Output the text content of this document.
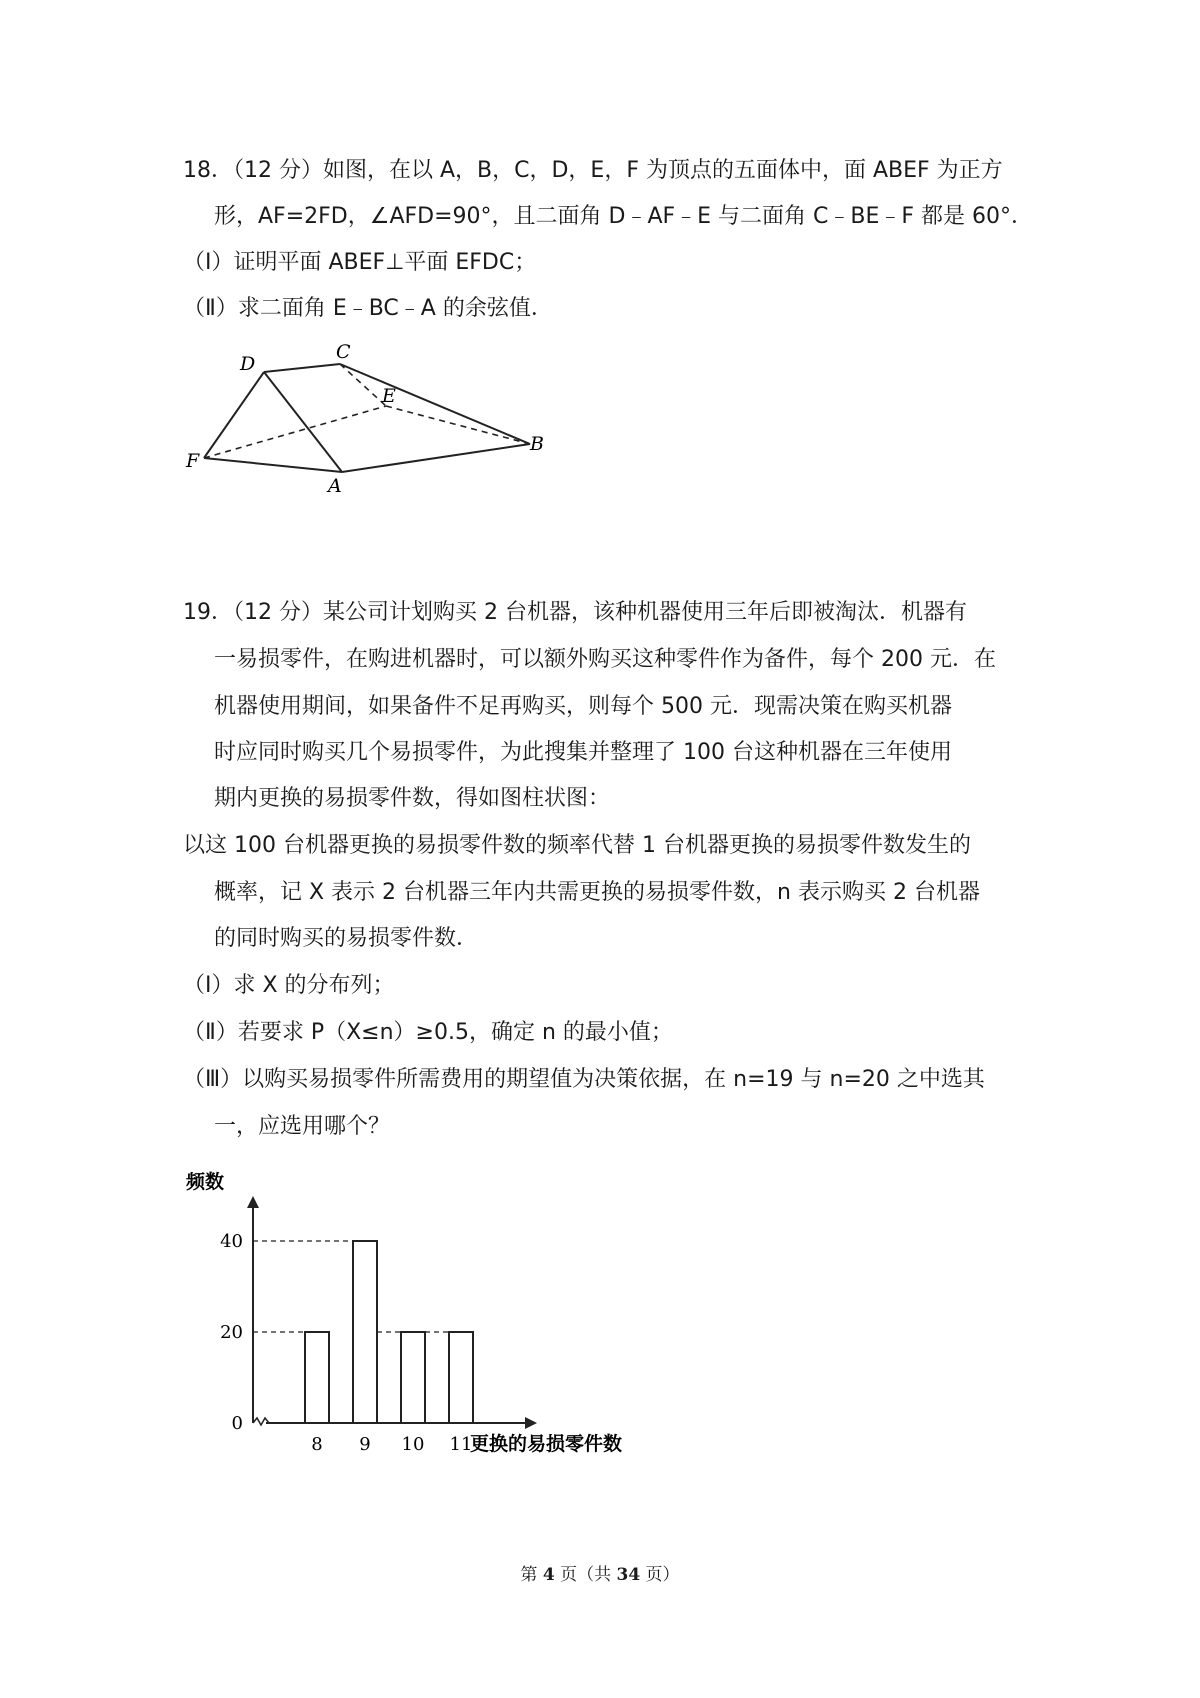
18．（12 分）如图，在以 A，B，C，D，E，F 为顶点的五面体中，面 ABEF 为正方
形，AF=2FD，∠AFD=90°，且二面角 D﹣AF﹣E 与二面角 C﹣BE﹣F 都是 60°．
（Ⅰ）证明平面 ABEF⊥平面 EFDC；
（Ⅱ）求二面角 E﹣BC﹣A 的余弦值．
D
C
E
B
F
A
19．（12 分）某公司计划购买 2 台机器，该种机器使用三年后即被淘汰．机器有
一易损零件，在购进机器时，可以额外购买这种零件作为备件，每个 200 元．在
机器使用期间，如果备件不足再购买，则每个 500 元．现需决策在购买机器
时应同时购买几个易损零件，为此搜集并整理了 100 台这种机器在三年使用
期内更换的易损零件数，得如图柱状图：
以这 100 台机器更换的易损零件数的频率代替 1 台机器更换的易损零件数发生的
概率，记 X 表示 2 台机器三年内共需更换的易损零件数，n 表示购买 2 台机器
的同时购买的易损零件数．
（Ⅰ）求 X 的分布列；
（Ⅱ）若要求 P（X≤n）≥0.5，确定 n 的最小值；
（Ⅲ）以购买易损零件所需费用的期望值为决策依据，在 n=19 与 n=20 之中选其
一，应选用哪个？
频数
更换的易损零件数
0
20
40
8 9 10 11
第 4 页（共 34 页）
